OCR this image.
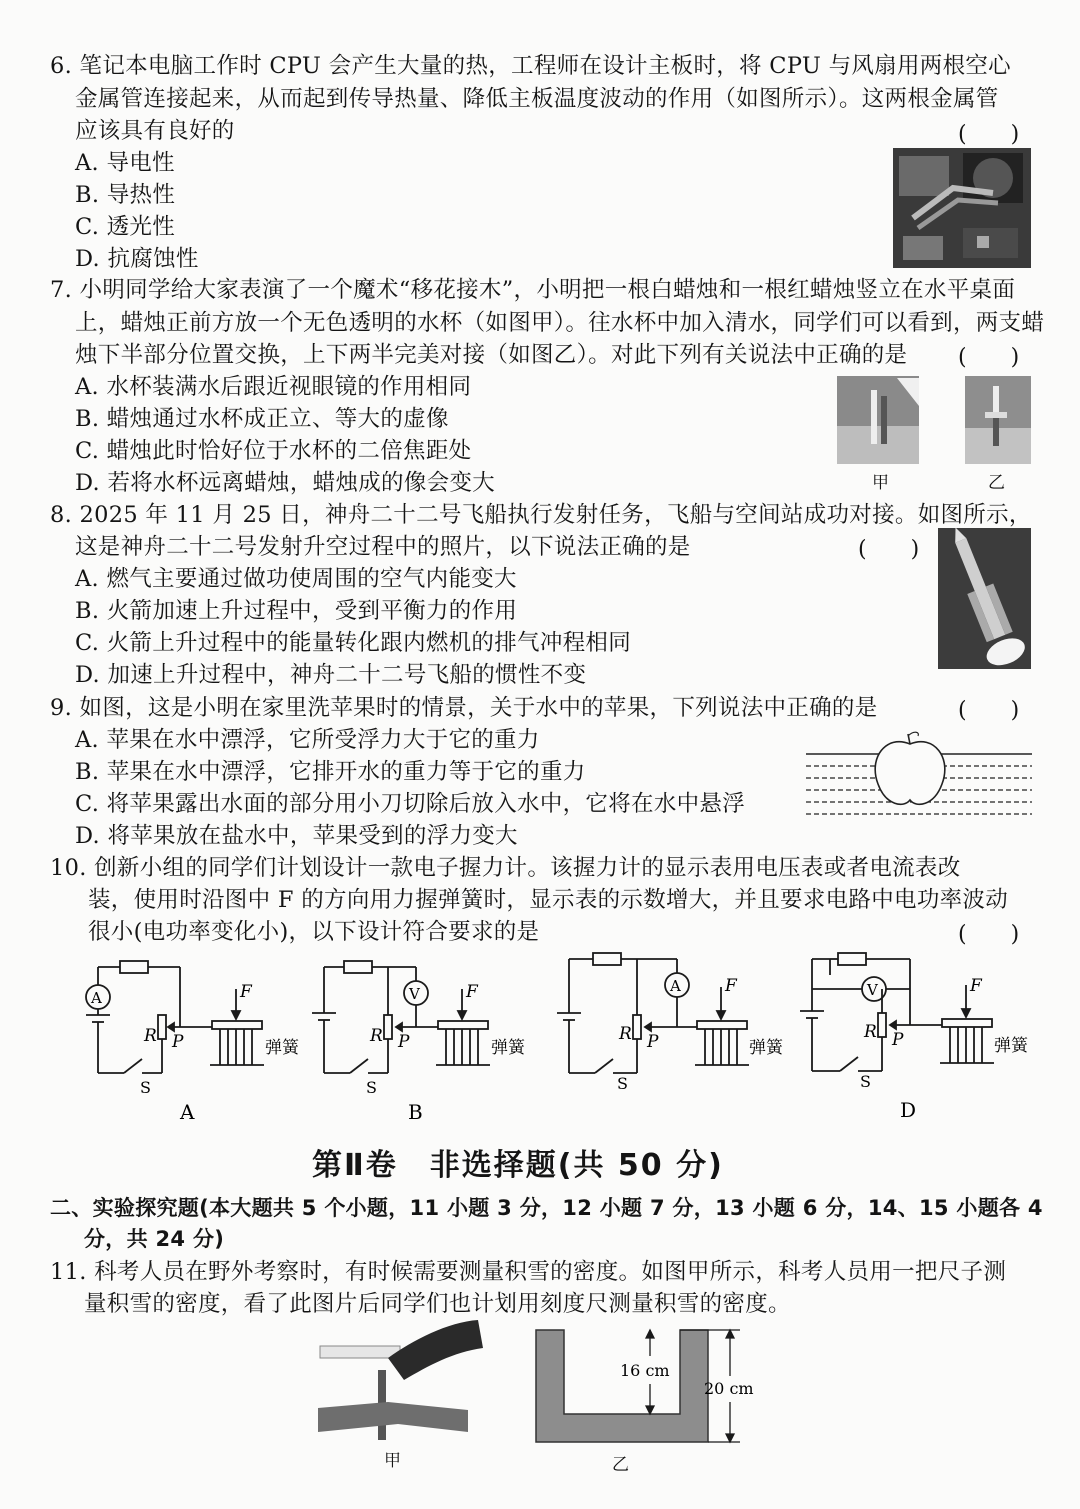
6. 笔记本电脑工作时 CPU 会产生大量的热，工程师在设计主板时，将 CPU 与风扇用两根空心
金属管连接起来，从而起到传导热量、降低主板温度波动的作用（如图所示）。这两根金属管
应该具有良好的	(　　)
A. 导电性
B. 导热性
C. 透光性
D. 抗腐蚀性
7. 小明同学给大家表演了一个魔术“移花接木”，小明把一根白蜡烛和一根红蜡烛竖立在水平桌面
上，蜡烛正前方放一个无色透明的水杯（如图甲）。往水杯中加入清水，同学们可以看到，两支蜡
烛下半部分位置交换，上下两半完美对接（如图乙）。对此下列有关说法中正确的是 (　　)
A. 水杯装满水后跟近视眼镜的作用相同
B. 蜡烛通过水杯成正立、等大的虚像
C. 蜡烛此时恰好位于水杯的二倍焦距处
D. 若将水杯远离蜡烛，蜡烛成的像会变大	甲	乙
8. 2025 年 11 月 25 日，神舟二十二号飞船执行发射任务，飞船与空间站成功对接。如图所示，
这是神舟二十二号发射升空过程中的照片，以下说法正确的是	(　　)
A. 燃气主要通过做功使周围的空气内能变大
B. 火箭加速上升过程中，受到平衡力的作用
C. 火箭上升过程中的能量转化跟内燃机的排气冲程相同
D. 加速上升过程中，神舟二十二号飞船的惯性不变
9. 如图，这是小明在家里洗苹果时的情景，关于水中的苹果，下列说法中正确的是	(　　)
A. 苹果在水中漂浮，它所受浮力大于它的重力
B. 苹果在水中漂浮，它排开水的重力等于它的重力
C. 将苹果露出水面的部分用小刀切除后放入水中，它将在水中悬浮
D. 将苹果放在盐水中，苹果受到的浮力变大
10. 创新小组的同学们计划设计一款电子握力计。该握力计的显示表用电压表或者电流表改
装，使用时沿图中 F 的方向用力握弹簧时，显示表的示数增大，并且要求电路中电功率波动
很小(电功率变化小)，以下设计符合要求的是	(　　)
A
R P
F
弹簧
S
A
V
R P
F
弹簧
S
B
A
R P
F
弹簧
S
C
V
R P
F
弹簧
S
D
第Ⅱ卷　非选择题(共 50 分)
二、实验探究题(本大题共 5 个小题，11 小题 3 分，12 小题 7 分，13 小题 6 分，14、15 小题各 4
分，共 24 分)
11. 科考人员在野外考察时，有时候需要测量积雪的密度。如图甲所示，科考人员用一把尺子测
量积雪的密度，看了此图片后同学们也计划用刻度尺测量积雪的密度。
甲
16 cm
20 cm
乙
